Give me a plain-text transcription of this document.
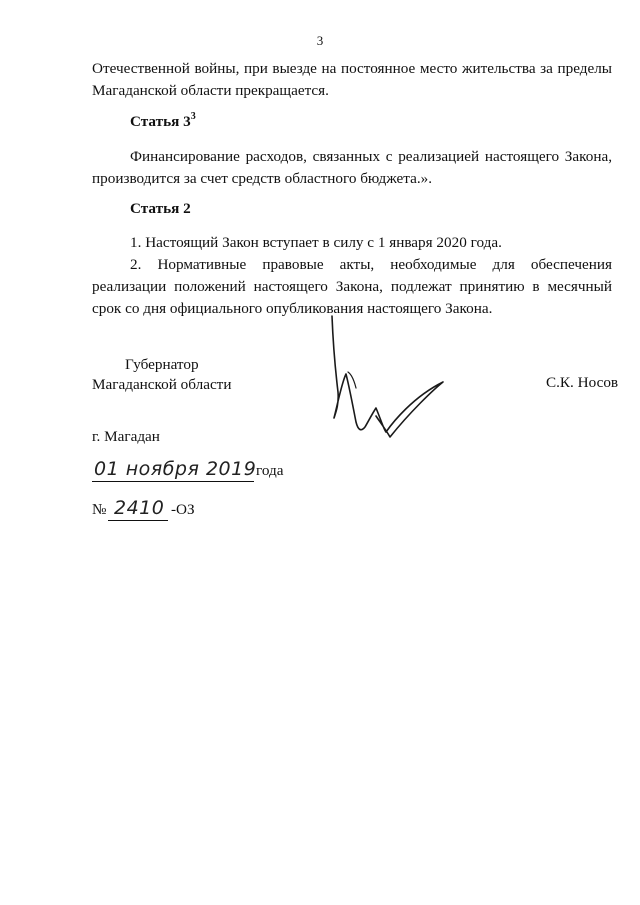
3
Отечественной войны, при выезде на постоянное место жительства за пределы Магаданской области прекращается.
Статья $3^3$
Финансирование расходов, связанных с реализацией настоящего Закона, производится за счет средств областного бюджета.».
Статья 2
1. Настоящий Закон вступает в силу с 1 января 2020 года.
2. Нормативные правовые акты, необходимые для обеспечения реализации положений настоящего Закона, подлежат принятию в месячный срок со дня официального опубликования настоящего Закона.
Губернатор
Магаданской области	С.К. Носов
г. Магадан
01 ноября 2019 года
№ 2410 -ОЗ
